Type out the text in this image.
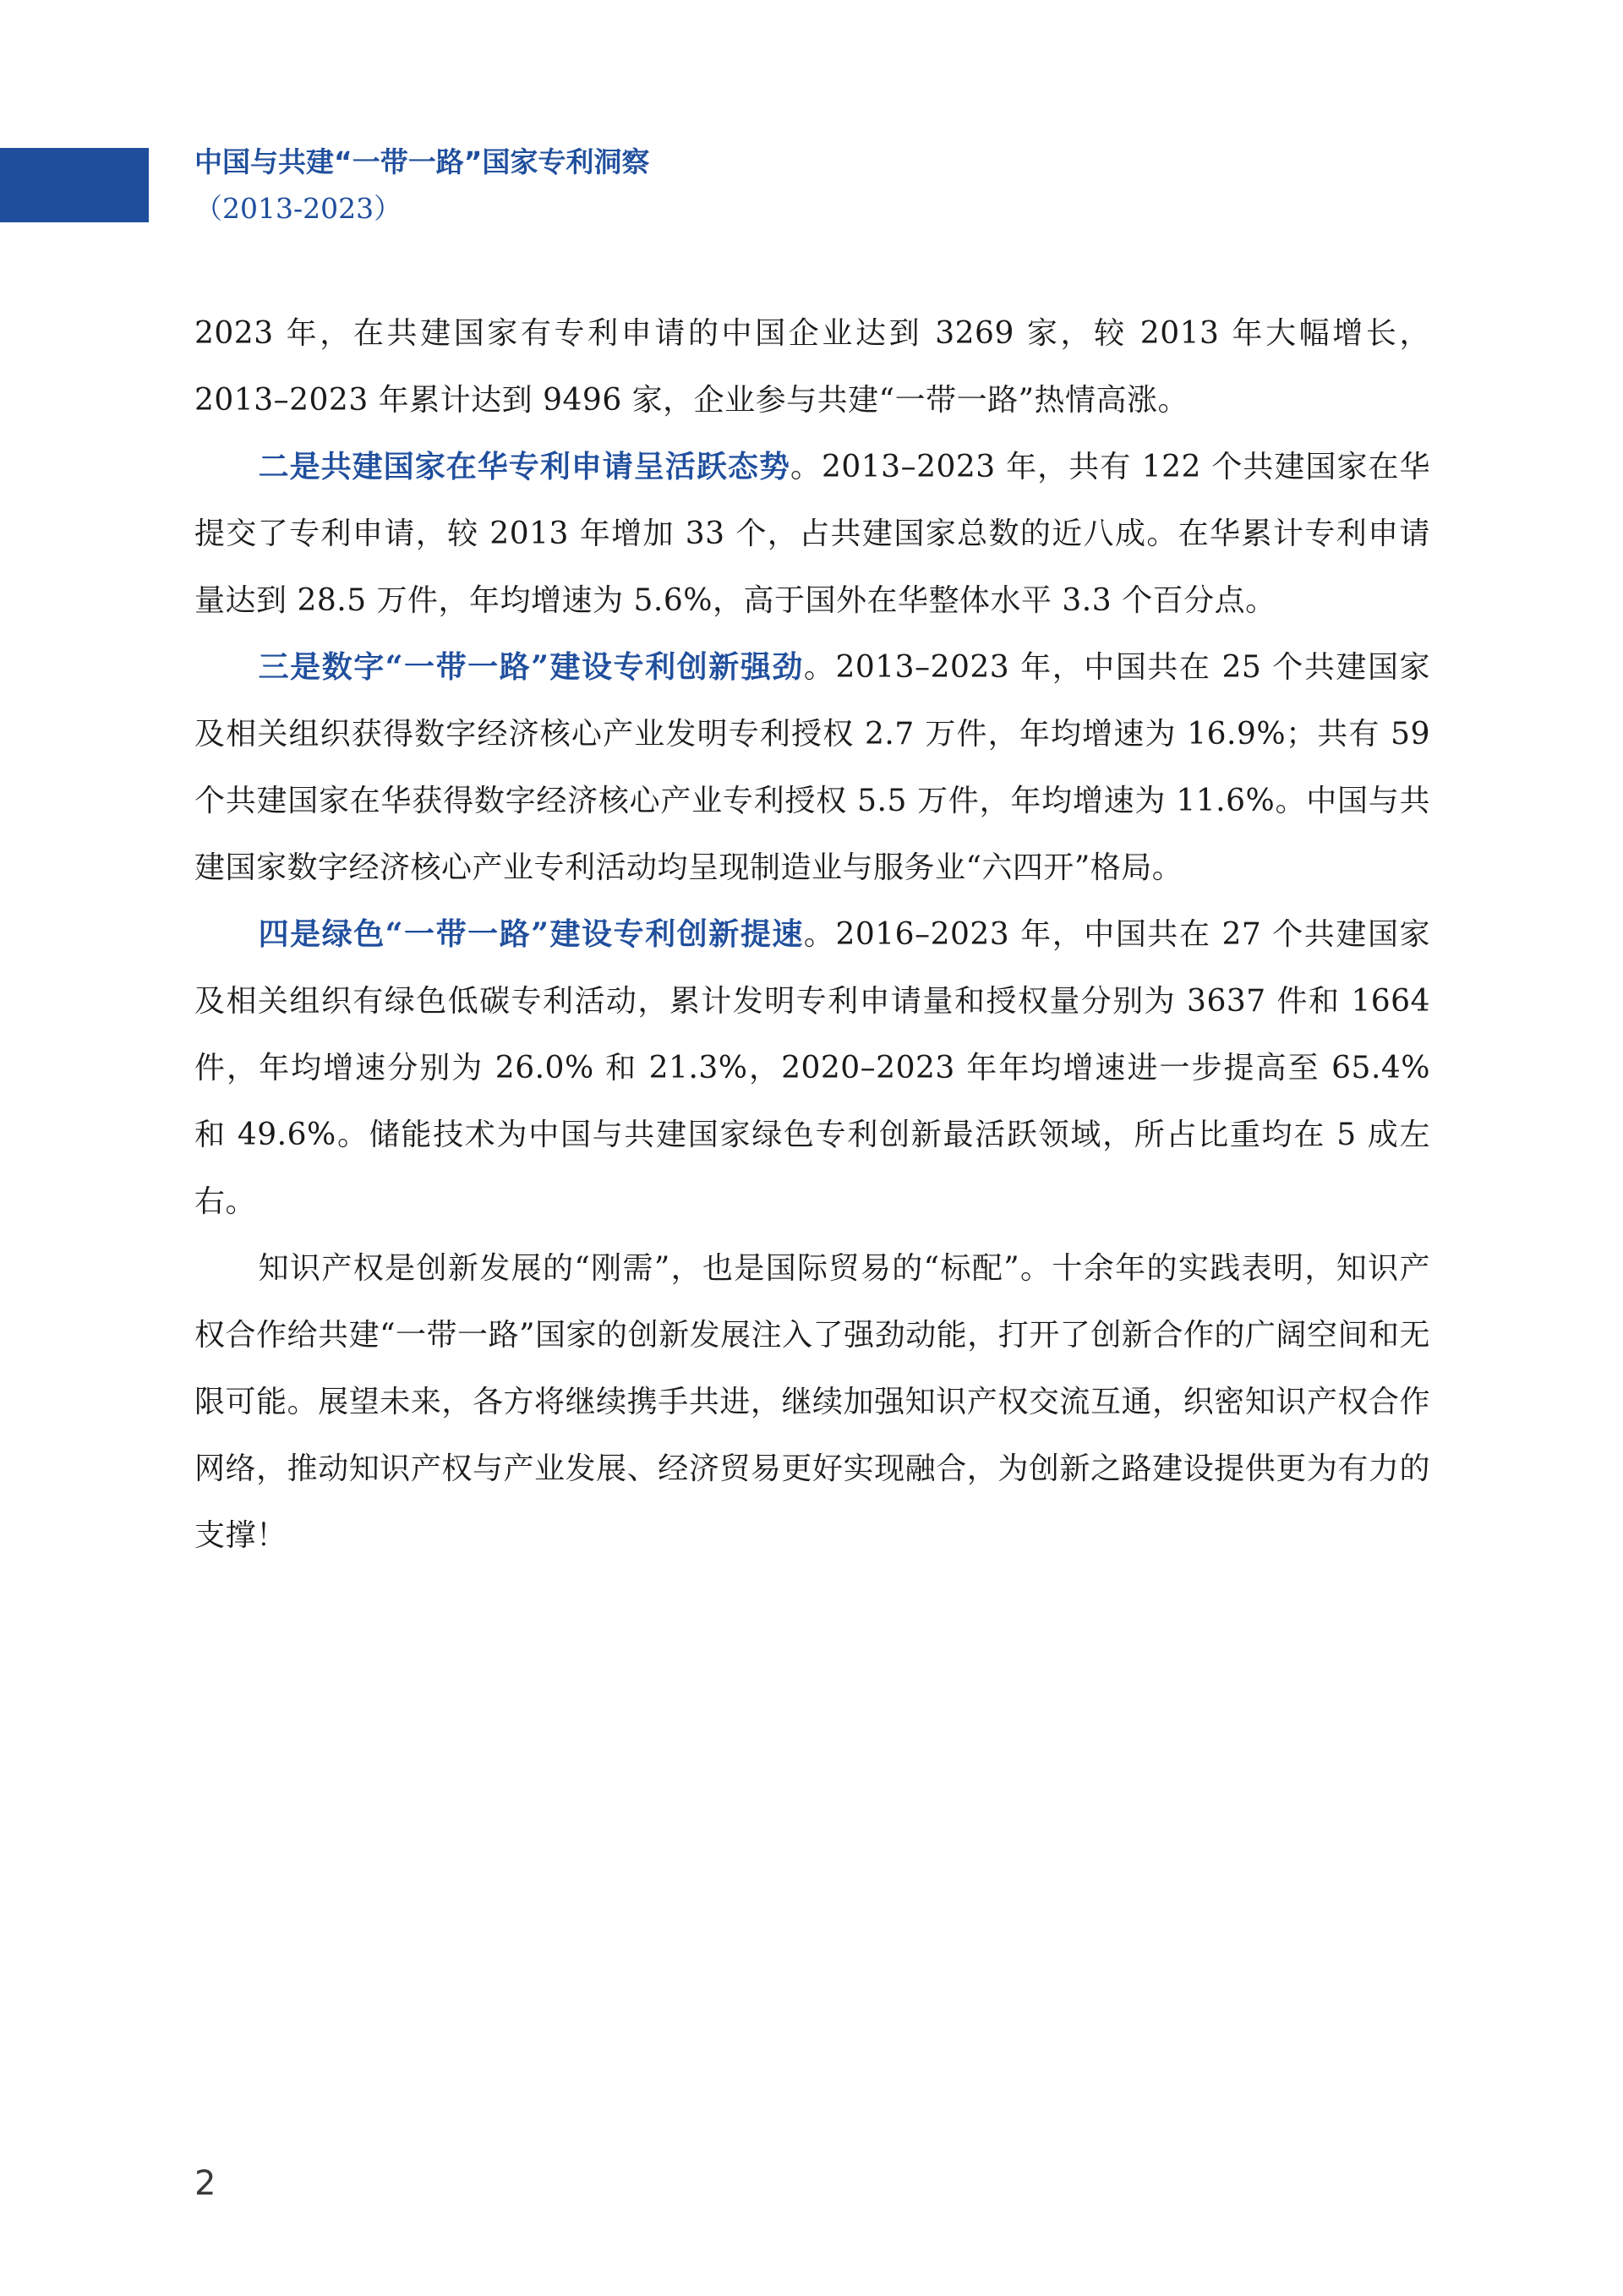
中国与共建“一带一路”国家专利洞察

（2013-2023）

2023 年，在共建国家有专利申请的中国企业达到 3269 家，较 2013 年大幅增长，2013–2023 年累计达到 9496 家，企业参与共建“一带一路”热情高涨。

二是共建国家在华专利申请呈活跃态势。2013–2023 年，共有 122 个共建国家在华提交了专利申请，较 2013 年增加 33 个，占共建国家总数的近八成。在华累计专利申请量达到 28.5 万件，年均增速为 5.6%，高于国外在华整体水平 3.3 个百分点。

三是数字“一带一路”建设专利创新强劲。2013–2023 年，中国共在 25 个共建国家及相关组织获得数字经济核心产业发明专利授权 2.7 万件，年均增速为 16.9%；共有 59 个共建国家在华获得数字经济核心产业专利授权 5.5 万件，年均增速为 11.6%。中国与共建国家数字经济核心产业专利活动均呈现制造业与服务业“六四开”格局。

四是绿色“一带一路”建设专利创新提速。2016–2023 年，中国共在 27 个共建国家及相关组织有绿色低碳专利活动，累计发明专利申请量和授权量分别为 3637 件和 1664 件，年均增速分别为 26.0% 和 21.3%，2020–2023 年年均增速进一步提高至 65.4% 和 49.6%。储能技术为中国与共建国家绿色专利创新最活跃领域，所占比重均在 5 成左右。

知识产权是创新发展的“刚需”，也是国际贸易的“标配”。十余年的实践表明，知识产权合作给共建“一带一路”国家的创新发展注入了强劲动能，打开了创新合作的广阔空间和无限可能。展望未来，各方将继续携手共进，继续加强知识产权交流互通，织密知识产权合作网络，推动知识产权与产业发展、经济贸易更好实现融合，为创新之路建设提供更为有力的支撑！

2
